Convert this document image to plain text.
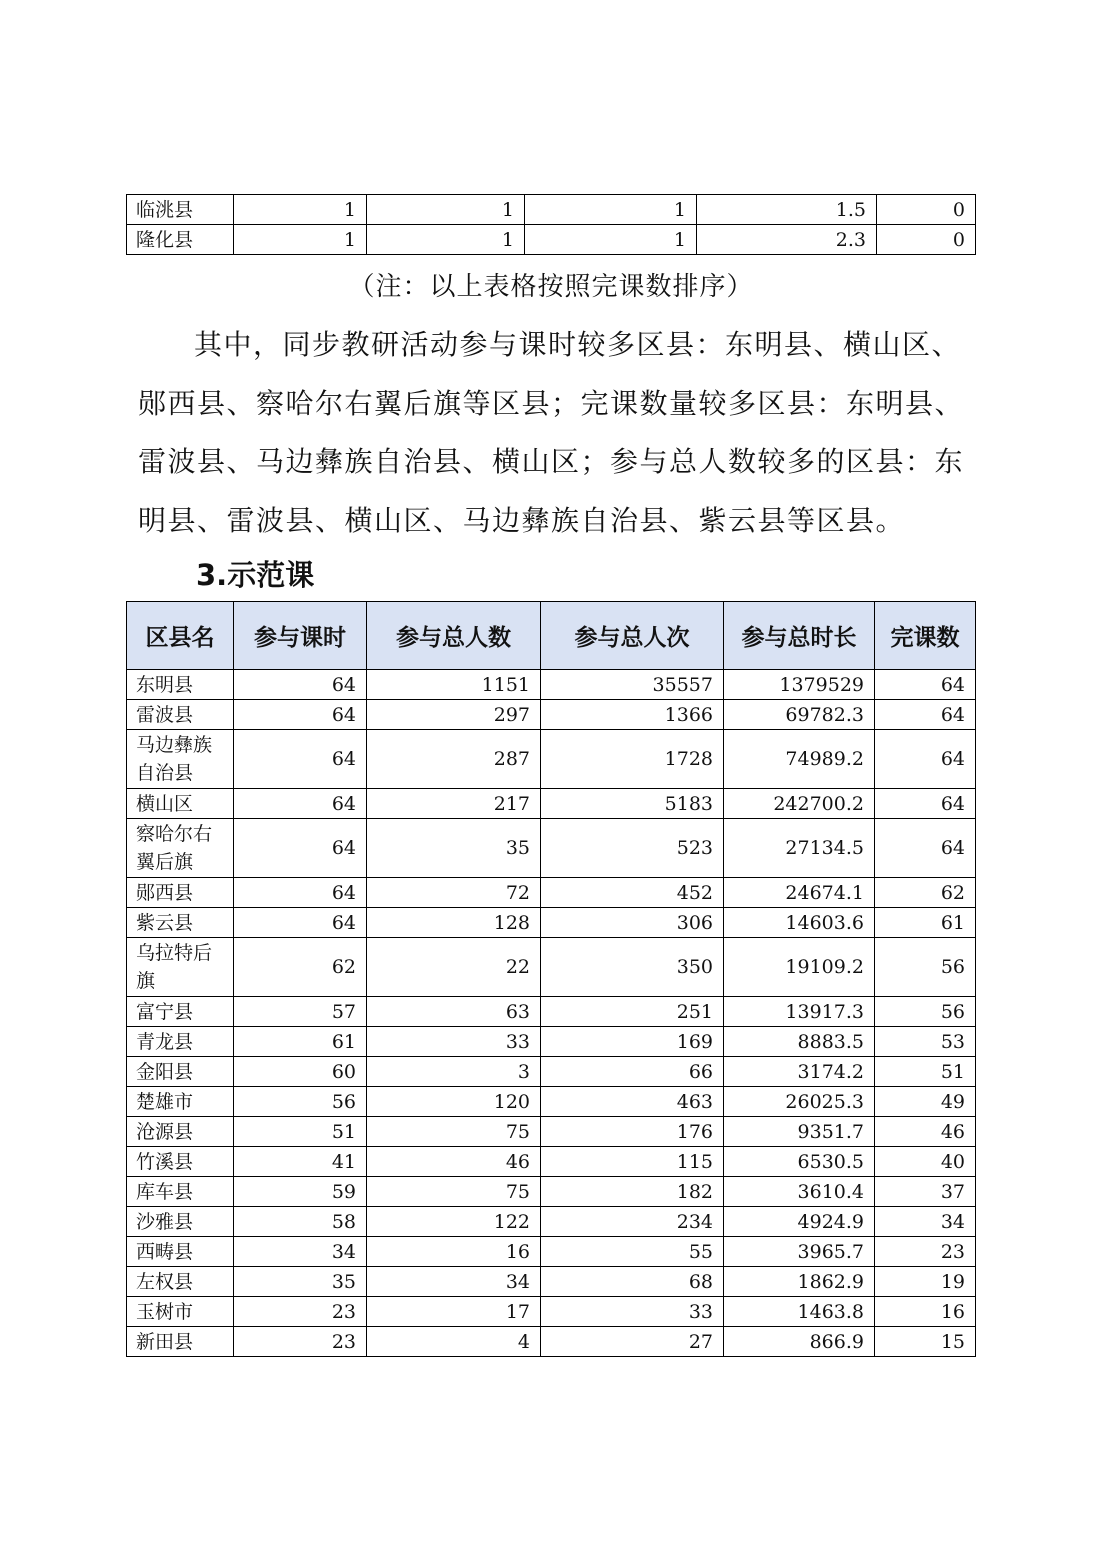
临洮县	1	1	1	1.5	0
隆化县	1	1	1	2.3	0
（注：以上表格按照完课数排序）
其中，同步教研活动参与课时较多区县：东明县、横山区、郧西县、察哈尔右翼后旗等区县；完课数量较多区县：东明县、雷波县、马边彝族自治县、横山区；参与总人数较多的区县：东明县、雷波县、横山区、马边彝族自治县、紫云县等区县。
3.示范课
区县名	参与课时	参与总人数	参与总人次	参与总时长	完课数
东明县	64	1151	35557	1379529	64
雷波县	64	297	1366	69782.3	64
马边彝族
自治县	64	287	1728	74989.2	64
横山区	64	217	5183	242700.2	64
察哈尔右
翼后旗	64	35	523	27134.5	64
郧西县	64	72	452	24674.1	62
紫云县	64	128	306	14603.6	61
乌拉特后
旗	62	22	350	19109.2	56
富宁县	57	63	251	13917.3	56
青龙县	61	33	169	8883.5	53
金阳县	60	3	66	3174.2	51
楚雄市	56	120	463	26025.3	49
沧源县	51	75	176	9351.7	46
竹溪县	41	46	115	6530.5	40
库车县	59	75	182	3610.4	37
沙雅县	58	122	234	4924.9	34
西畴县	34	16	55	3965.7	23
左权县	35	34	68	1862.9	19
玉树市	23	17	33	1463.8	16
新田县	23	4	27	866.9	15
